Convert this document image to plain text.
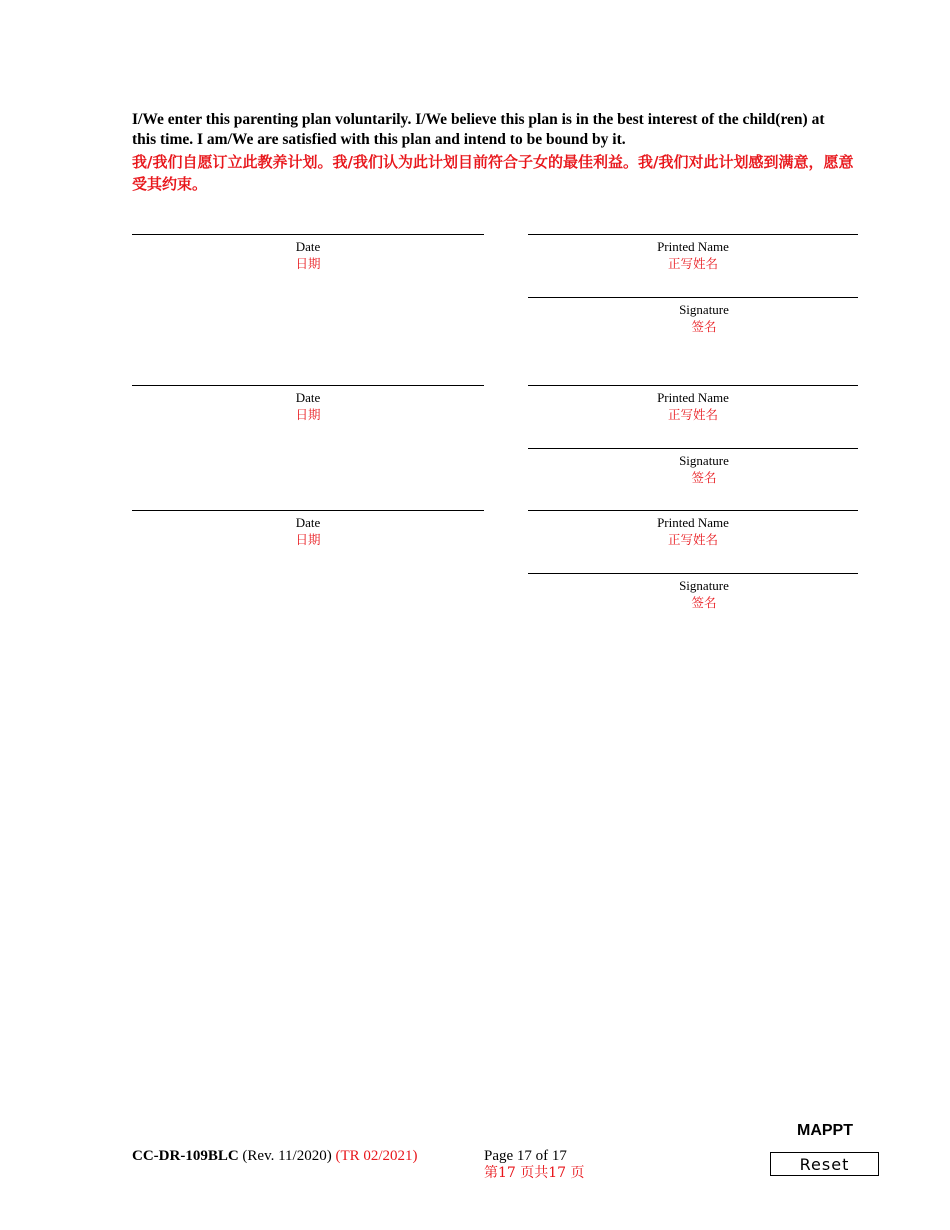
I/We enter this parenting plan voluntarily. I/We believe this plan is in the best interest of the child(ren) at this time. I am/We are satisfied with this plan and intend to be bound by it.
我/我们自愿订立此教养计划。我/我们认为此计划目前符合子女的最佳利益。我/我们对此计划感到满意，愿意受其约束。
Date
日期
Printed Name
正写姓名
Signature
签名
Date
日期
Printed Name
正写姓名
Signature
签名
Date
日期
Printed Name
正写姓名
Signature
签名
CC-DR-109BLC (Rev. 11/2020) (TR 02/2021)	Page 17 of 17
第17 页共17 页
MAPPT
Reset
